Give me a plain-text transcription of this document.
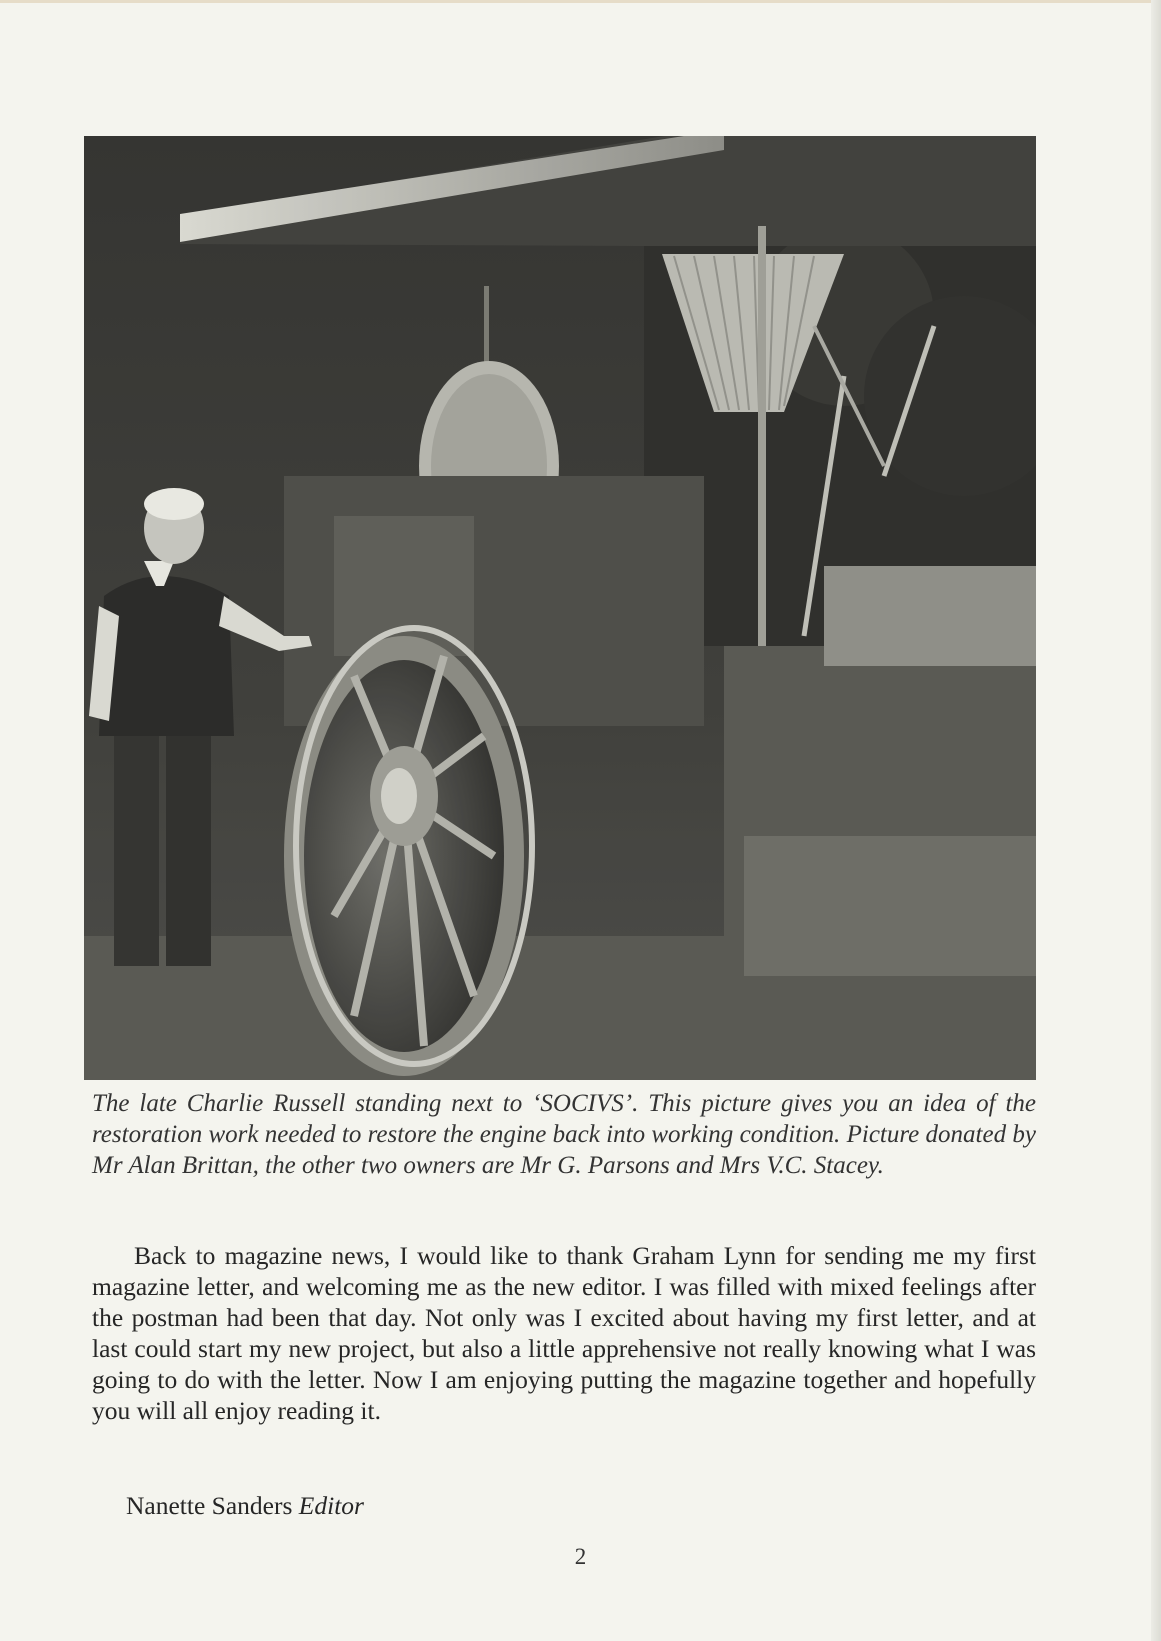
The late Charlie Russell standing next to ‘SOCIVS’. This picture gives you an idea of the restoration work needed to restore the engine back into working condition. Picture donated by Mr Alan Brittan, the other two owners are Mr G. Parsons and Mrs V.C. Stacey.

Back to magazine news, I would like to thank Graham Lynn for sending me my first magazine letter, and welcoming me as the new editor. I was filled with mixed feelings after the postman had been that day. Not only was I excited about having my first letter, and at last could start my new project, but also a little apprehensive not really knowing what I was going to do with the letter. Now I am enjoying putting the magazine together and hopefully you will all enjoy reading it.

Nanette Sanders Editor

2
